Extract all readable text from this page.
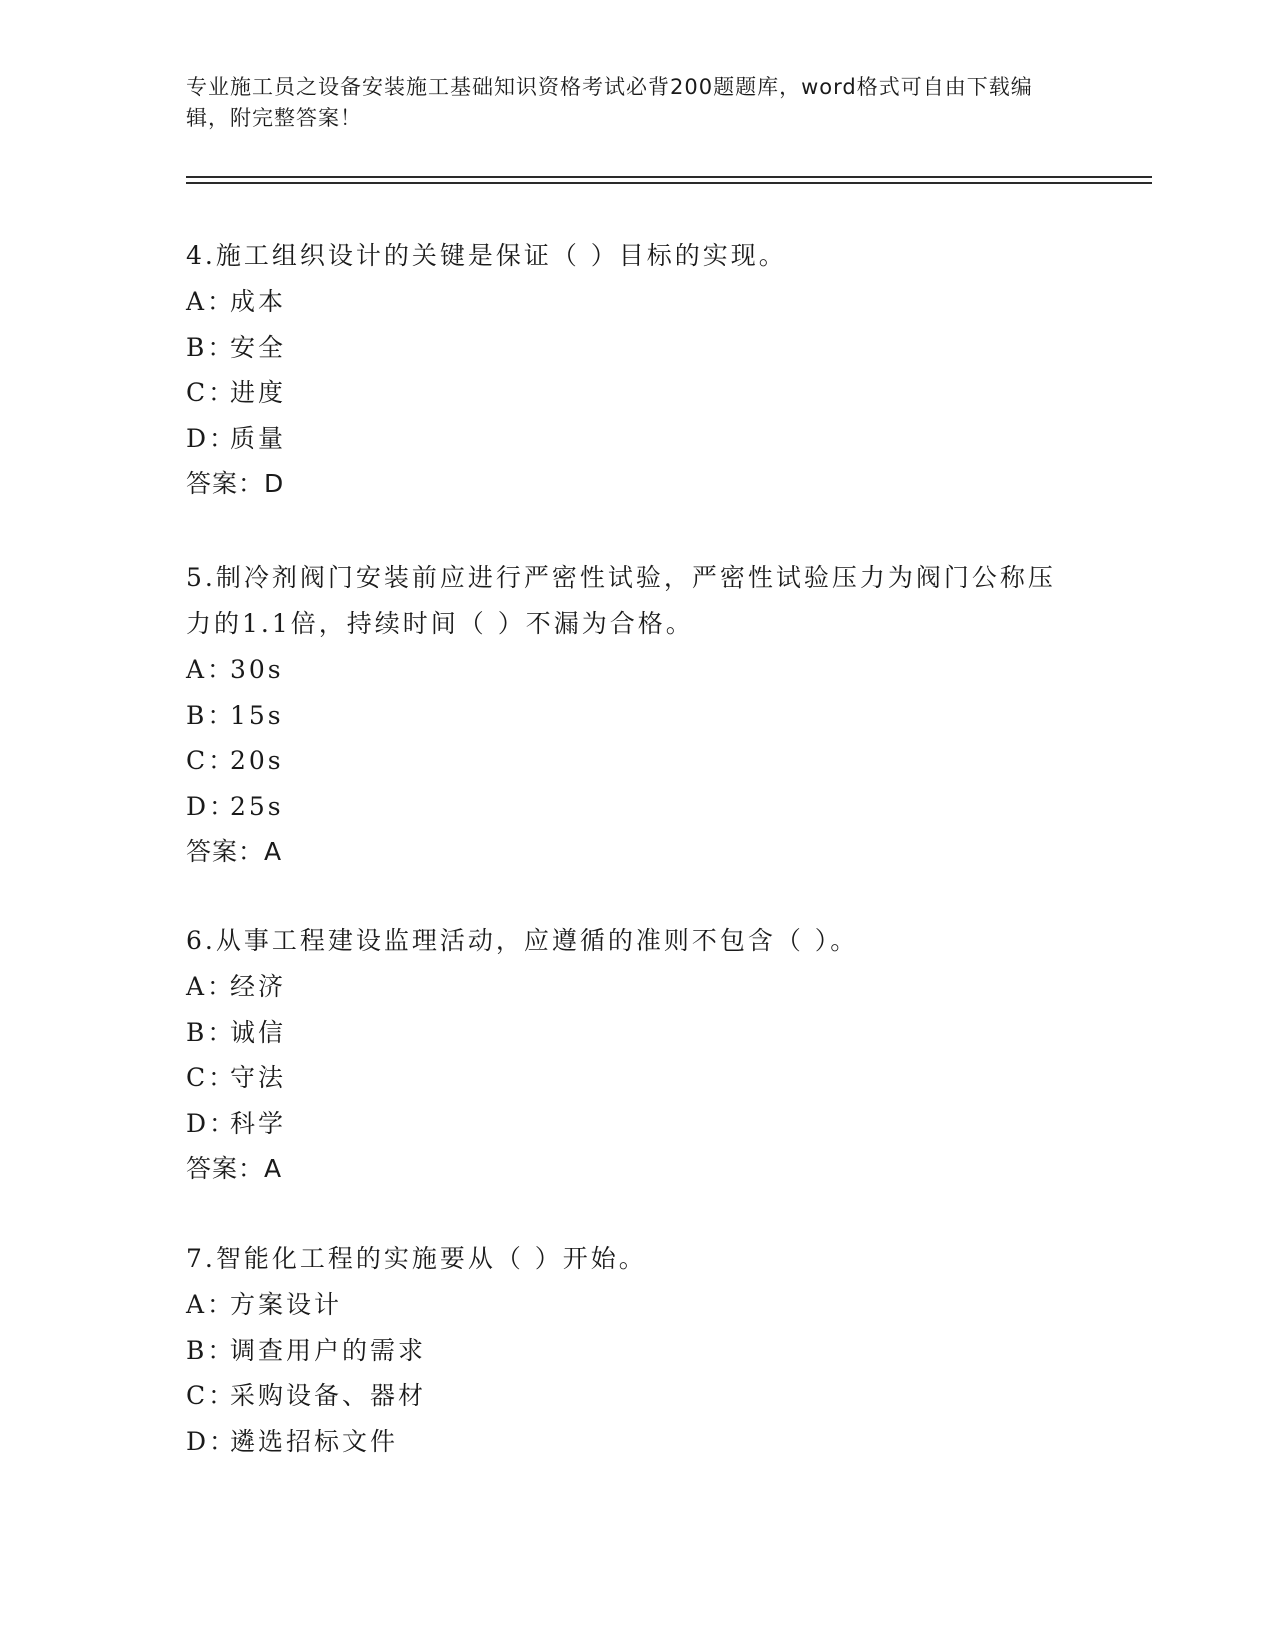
专业施工员之设备安装施工基础知识资格考试必背200题题库，word格式可自由下载编辑，附完整答案！

4.施工组织设计的关键是保证（ ）目标的实现。

A：
成本
B：
安全
C：
进度
D：
质量
答案：D

5.制冷剂阀门安装前应进行严密性试验，严密性试验压力为阀门公称压力的1.1倍，持续时间（ ）不漏为合格。

A：
30s
B：
15s
C：
20s
D：
25s
答案：A

6.从事工程建设监理活动，应遵循的准则不包含（ ）。

A：
经济
B：
诚信
C：
守法
D：
科学
答案：A

7.智能化工程的实施要从（ ）开始。

A：
方案设计
B：
调查用户的需求
C：
采购设备、器材
D：
遴选招标文件
